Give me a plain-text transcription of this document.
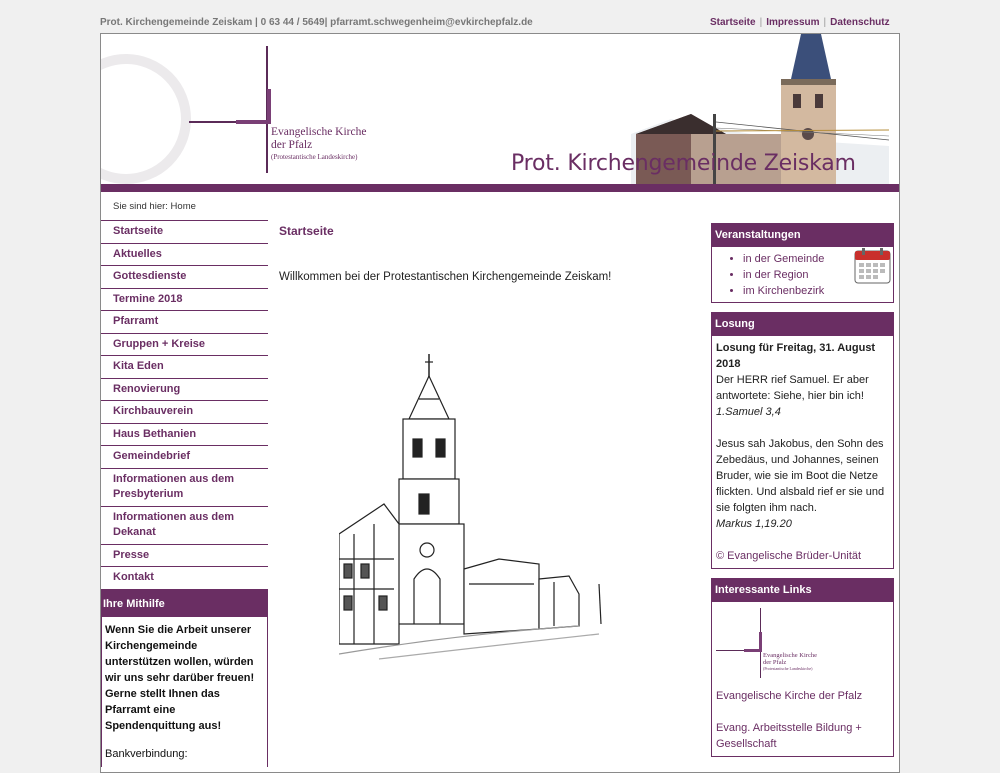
Prot. Kirchengemeinde Zeiskam | 0 63 44 / 5649| pfarramt.schwegenheim@evkirchepfalz.de	Startseite | Impressum | Datenschutz
Evangelische Kirche
der Pfalz
(Protestantische Landeskirche)	Prot. Kirchengemeinde Zeiskam
Sie sind hier: Home
Startseite
Aktuelles
Gottesdienste
Termine 2018
Pfarramt
Gruppen + Kreise
Kita Eden
Renovierung
Kirchbauverein
Haus Bethanien
Gemeindebrief
Informationen aus dem Presbyterium
Informationen aus dem Dekanat
Presse
Kontakt
Ihre Mithilfe
Wenn Sie die Arbeit unserer Kirchengemeinde unterstützen wollen, würden wir uns sehr darüber freuen! Gerne stellt Ihnen das Pfarramt eine Spendenquittung aus!
Bankverbindung:
Startseite

Willkommen bei der Protestantischen Kirchengemeinde Zeiskam!

Veranstaltungen
• in der Gemeinde
• in der Region
• im Kirchenbezirk
Losung
Losung für Freitag, 31. August 2018
Der HERR rief Samuel. Er aber antwortete: Siehe, hier bin ich!
1.Samuel 3,4
Jesus sah Jakobus, den Sohn des Zebedäus, und Johannes, seinen Bruder, wie sie im Boot die Netze flickten. Und alsbald rief er sie und sie folgten ihm nach.
Markus 1,19.20
© Evangelische Brüder-Unität
Interessante Links
Evangelische Kirche
der Pfalz
(Protestantische Landeskirche)
Evangelische Kirche der Pfalz
Evang. Arbeitsstelle Bildung + Gesellschaft
